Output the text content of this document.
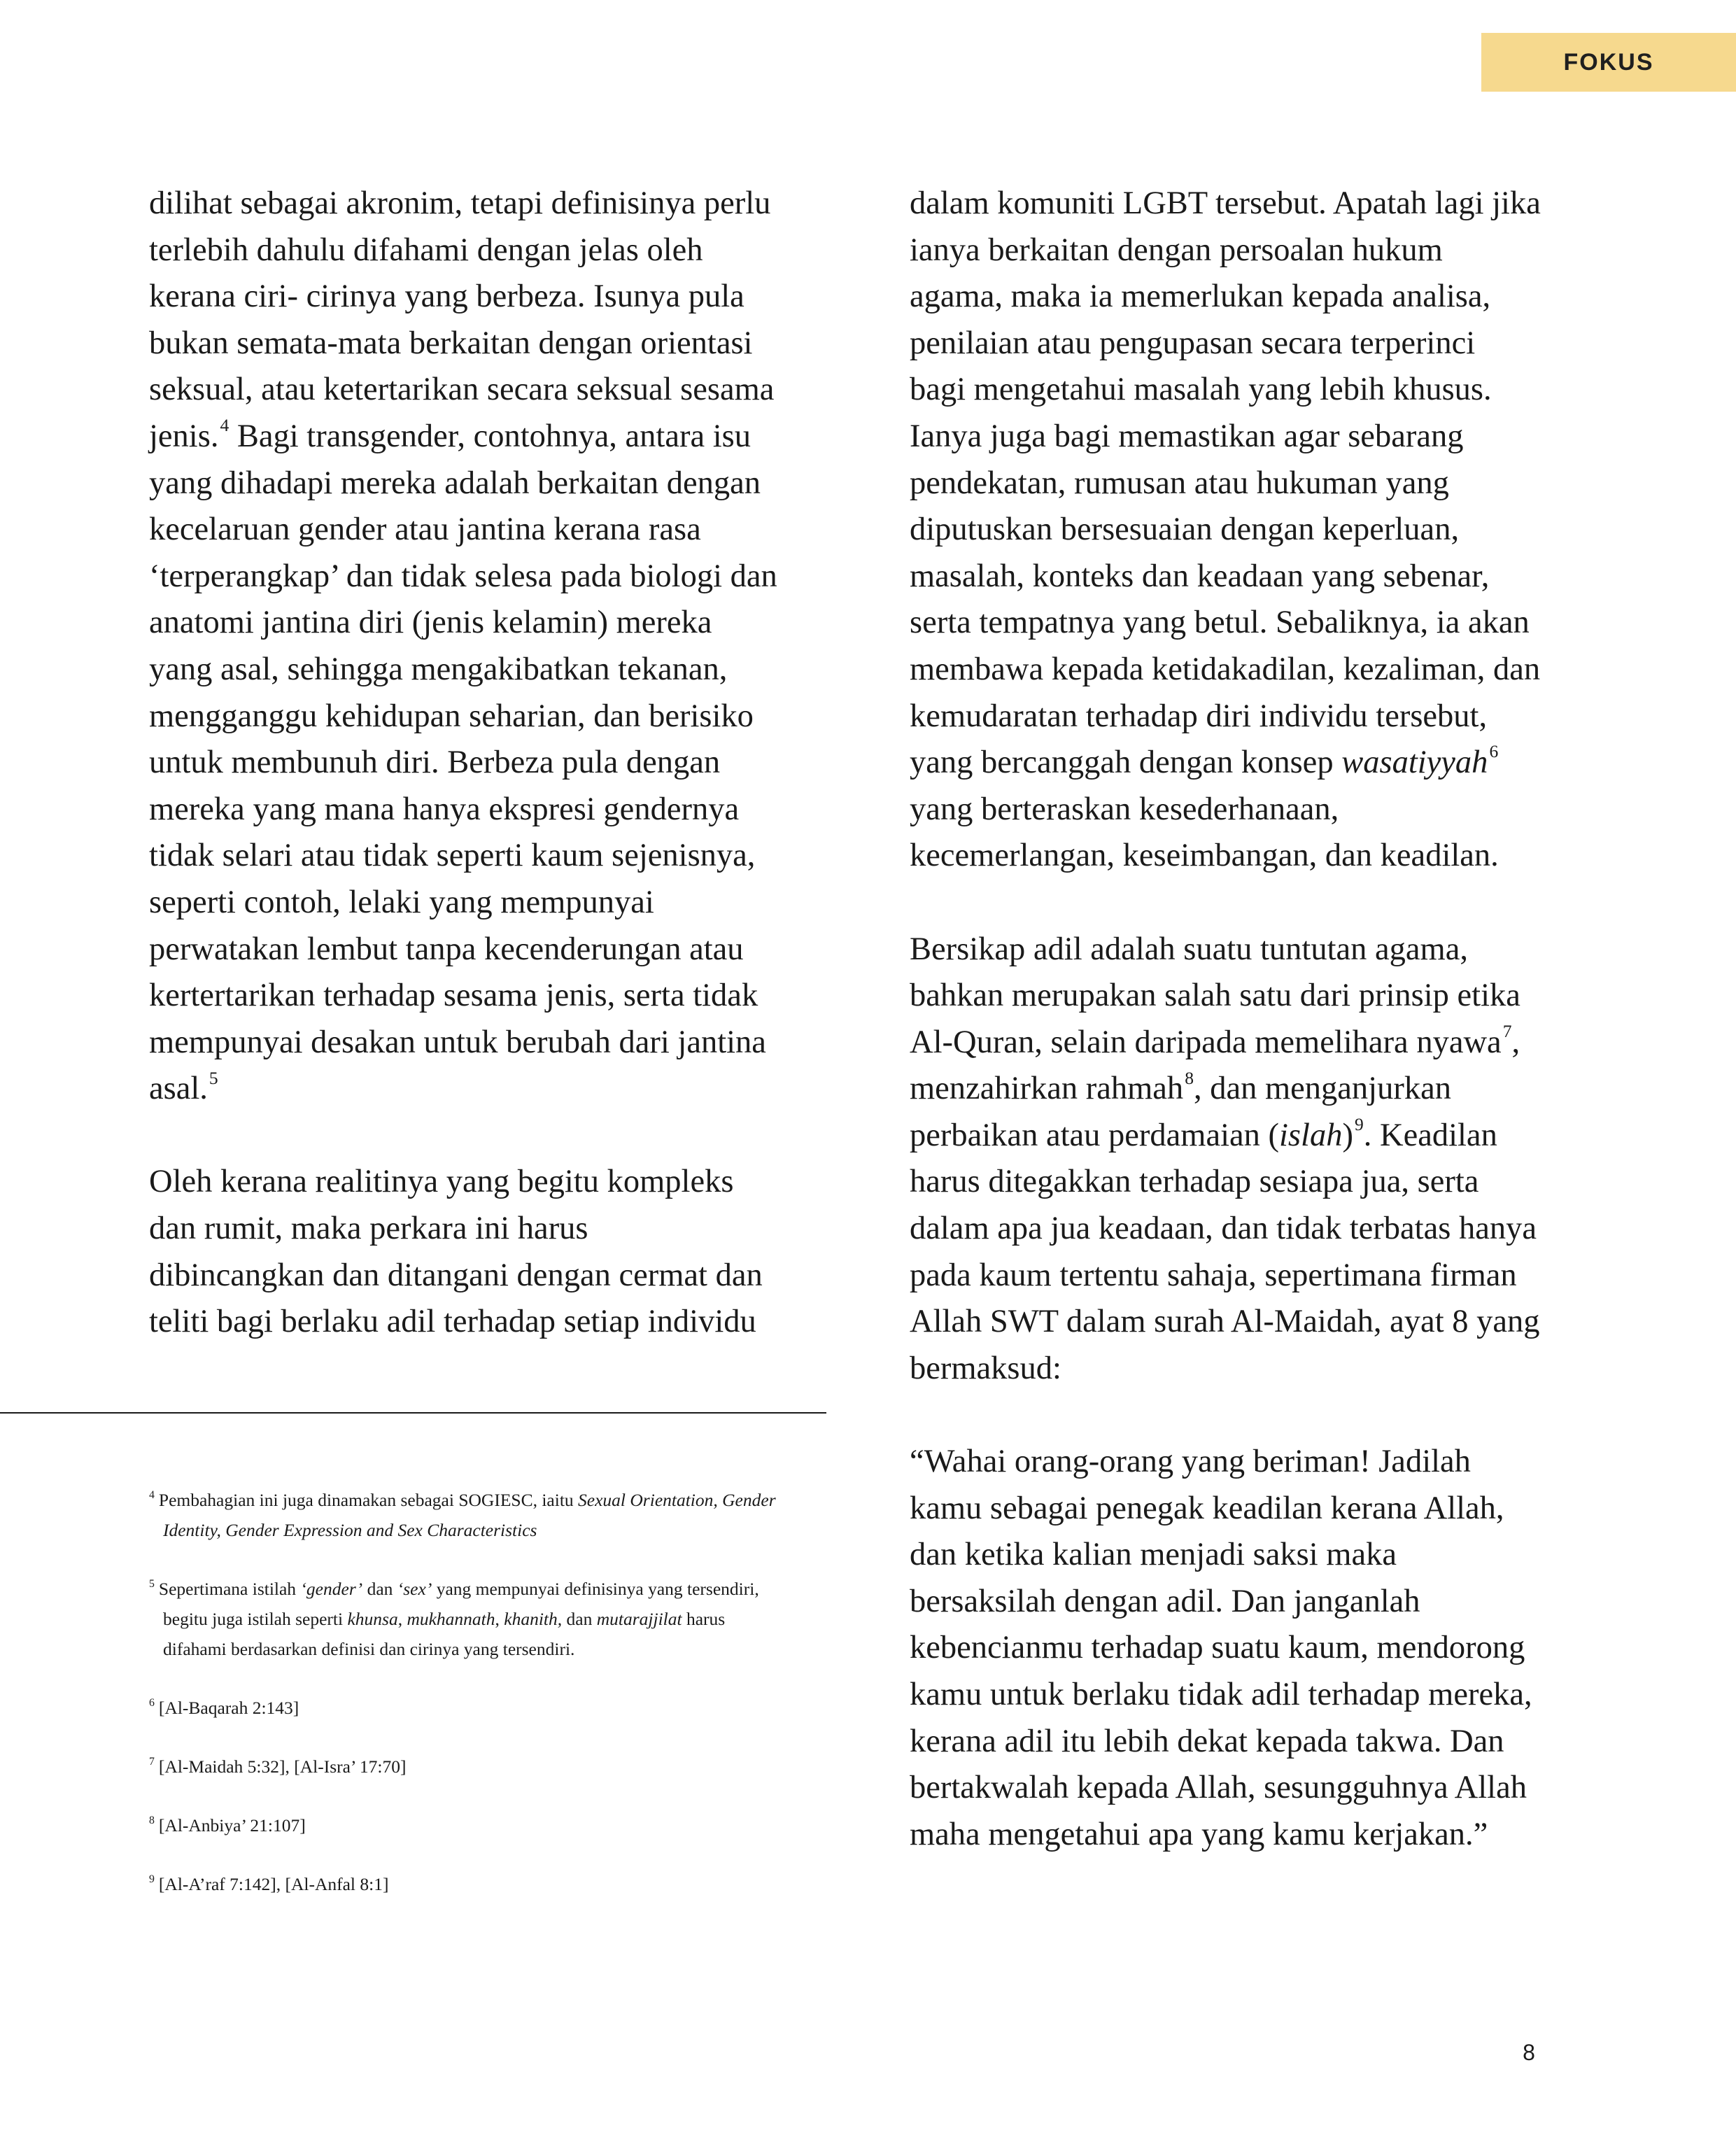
FOKUS

dilihat sebagai akronim, tetapi definisinya perlu
terlebih dahulu difahami dengan jelas oleh
kerana ciri- cirinya yang berbeza. Isunya pula
bukan semata-mata berkaitan dengan orientasi
seksual, atau ketertarikan secara seksual sesama
jenis.$^4$ Bagi transgender, contohnya, antara isu
yang dihadapi mereka adalah berkaitan dengan
kecelaruan gender atau jantina kerana rasa
‘terperangkap’ dan tidak selesa pada biologi dan
anatomi jantina diri (jenis kelamin) mereka
yang asal, sehingga mengakibatkan tekanan,
mengganggu kehidupan seharian, dan berisiko
untuk membunuh diri. Berbeza pula dengan
mereka yang mana hanya ekspresi gendernya
tidak selari atau tidak seperti kaum sejenisnya,
seperti contoh, lelaki yang mempunyai
perwatakan lembut tanpa kecenderungan atau
kertertarikan terhadap sesama jenis, serta tidak
mempunyai desakan untuk berubah dari jantina
asal.$^5$

Oleh kerana realitinya yang begitu kompleks
dan rumit, maka perkara ini harus
dibincangkan dan ditangani dengan cermat dan
teliti bagi berlaku adil terhadap setiap individu

dalam komuniti LGBT tersebut. Apatah lagi jika
ianya berkaitan dengan persoalan hukum
agama, maka ia memerlukan kepada analisa,
penilaian atau pengupasan secara terperinci
bagi mengetahui masalah yang lebih khusus.
Ianya juga bagi memastikan agar sebarang
pendekatan, rumusan atau hukuman yang
diputuskan bersesuaian dengan keperluan,
masalah, konteks dan keadaan yang sebenar,
serta tempatnya yang betul. Sebaliknya, ia akan
membawa kepada ketidakadilan, kezaliman, dan
kemudaratan terhadap diri individu tersebut,
yang bercanggah dengan konsep wasatiyyah$^6$
yang berteraskan kesederhanaan,
kecemerlangan, keseimbangan, dan keadilan.

Bersikap adil adalah suatu tuntutan agama,
bahkan merupakan salah satu dari prinsip etika
Al-Quran, selain daripada memelihara nyawa$^7$,
menzahirkan rahmah$^8$, dan menganjurkan
perbaikan atau perdamaian (islah)$^9$. Keadilan
harus ditegakkan terhadap sesiapa jua, serta
dalam apa jua keadaan, dan tidak terbatas hanya
pada kaum tertentu sahaja, sepertimana firman
Allah SWT dalam surah Al-Maidah, ayat 8 yang
bermaksud:

“Wahai orang-orang yang beriman! Jadilah
kamu sebagai penegak keadilan kerana Allah,
dan ketika kalian menjadi saksi maka
bersaksilah dengan adil. Dan janganlah
kebencianmu terhadap suatu kaum, mendorong
kamu untuk berlaku tidak adil terhadap mereka,
kerana adil itu lebih dekat kepada takwa. Dan
bertakwalah kepada Allah, sesungguhnya Allah
maha mengetahui apa yang kamu kerjakan.”

$^4$ Pembahagian ini juga dinamakan sebagai SOGIESC, iaitu Sexual Orientation, Gender
Identity, Gender Expression and Sex Characteristics
$^5$ Sepertimana istilah ‘gender’ dan ‘sex’ yang mempunyai definisinya yang tersendiri,
begitu juga istilah seperti khunsa, mukhannath, khanith, dan mutarajjilat harus
difahami berdasarkan definisi dan cirinya yang tersendiri.
$^6$ [Al-Baqarah 2:143]
$^7$ [Al-Maidah 5:32], [Al-Isra’ 17:70]
$^8$ [Al-Anbiya’ 21:107]
$^9$ [Al-A’raf 7:142], [Al-Anfal 8:1]
8
